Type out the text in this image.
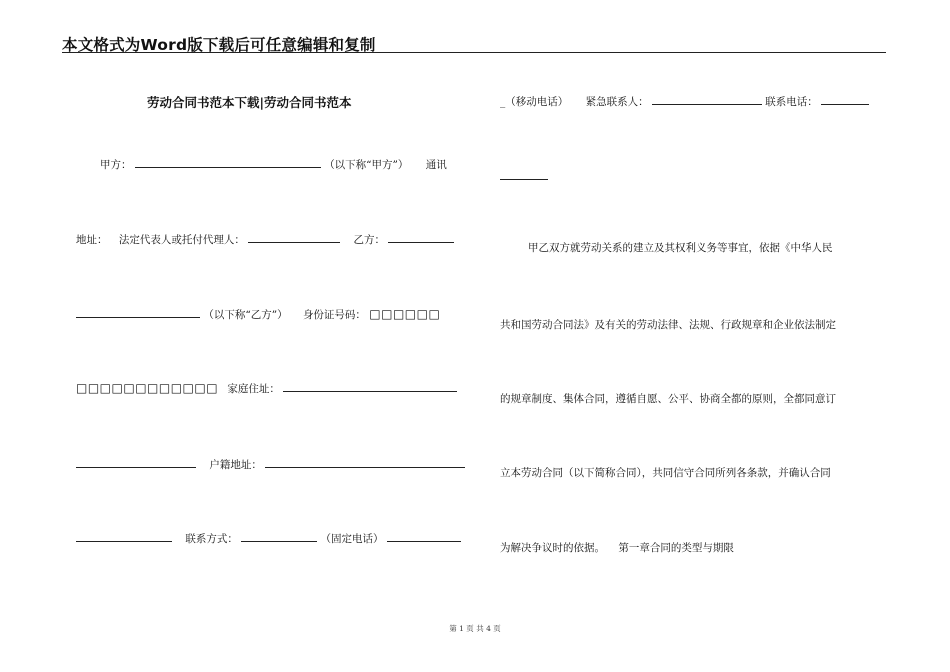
本文格式为Word版下载后可任意编辑和复制
劳动合同书范本下载|劳动合同书范本
甲方：	（以下称“甲方”） 通讯
地址： 法定代表人或托付代理人：	乙方：
（以下称“乙方”） 身份证号码： □□□□□□
□□□□□□□□□□□□ 家庭住址：
户籍地址：
联系方式：	（固定电话）
_（移动电话） 紧急联系人：	联系电话：
甲乙双方就劳动关系的建立及其权利义务等事宜，依据《中华人民
共和国劳动合同法》及有关的劳动法律、法规、行政规章和企业依法制定
的规章制度、集体合同，遵循自愿、公平、协商全都的原则，全都同意订
立本劳动合同（以下简称合同），共同信守合同所列各条款，并确认合同
为解决争议时的依据。 第一章合同的类型与期限
第 1 页 共 4 页
